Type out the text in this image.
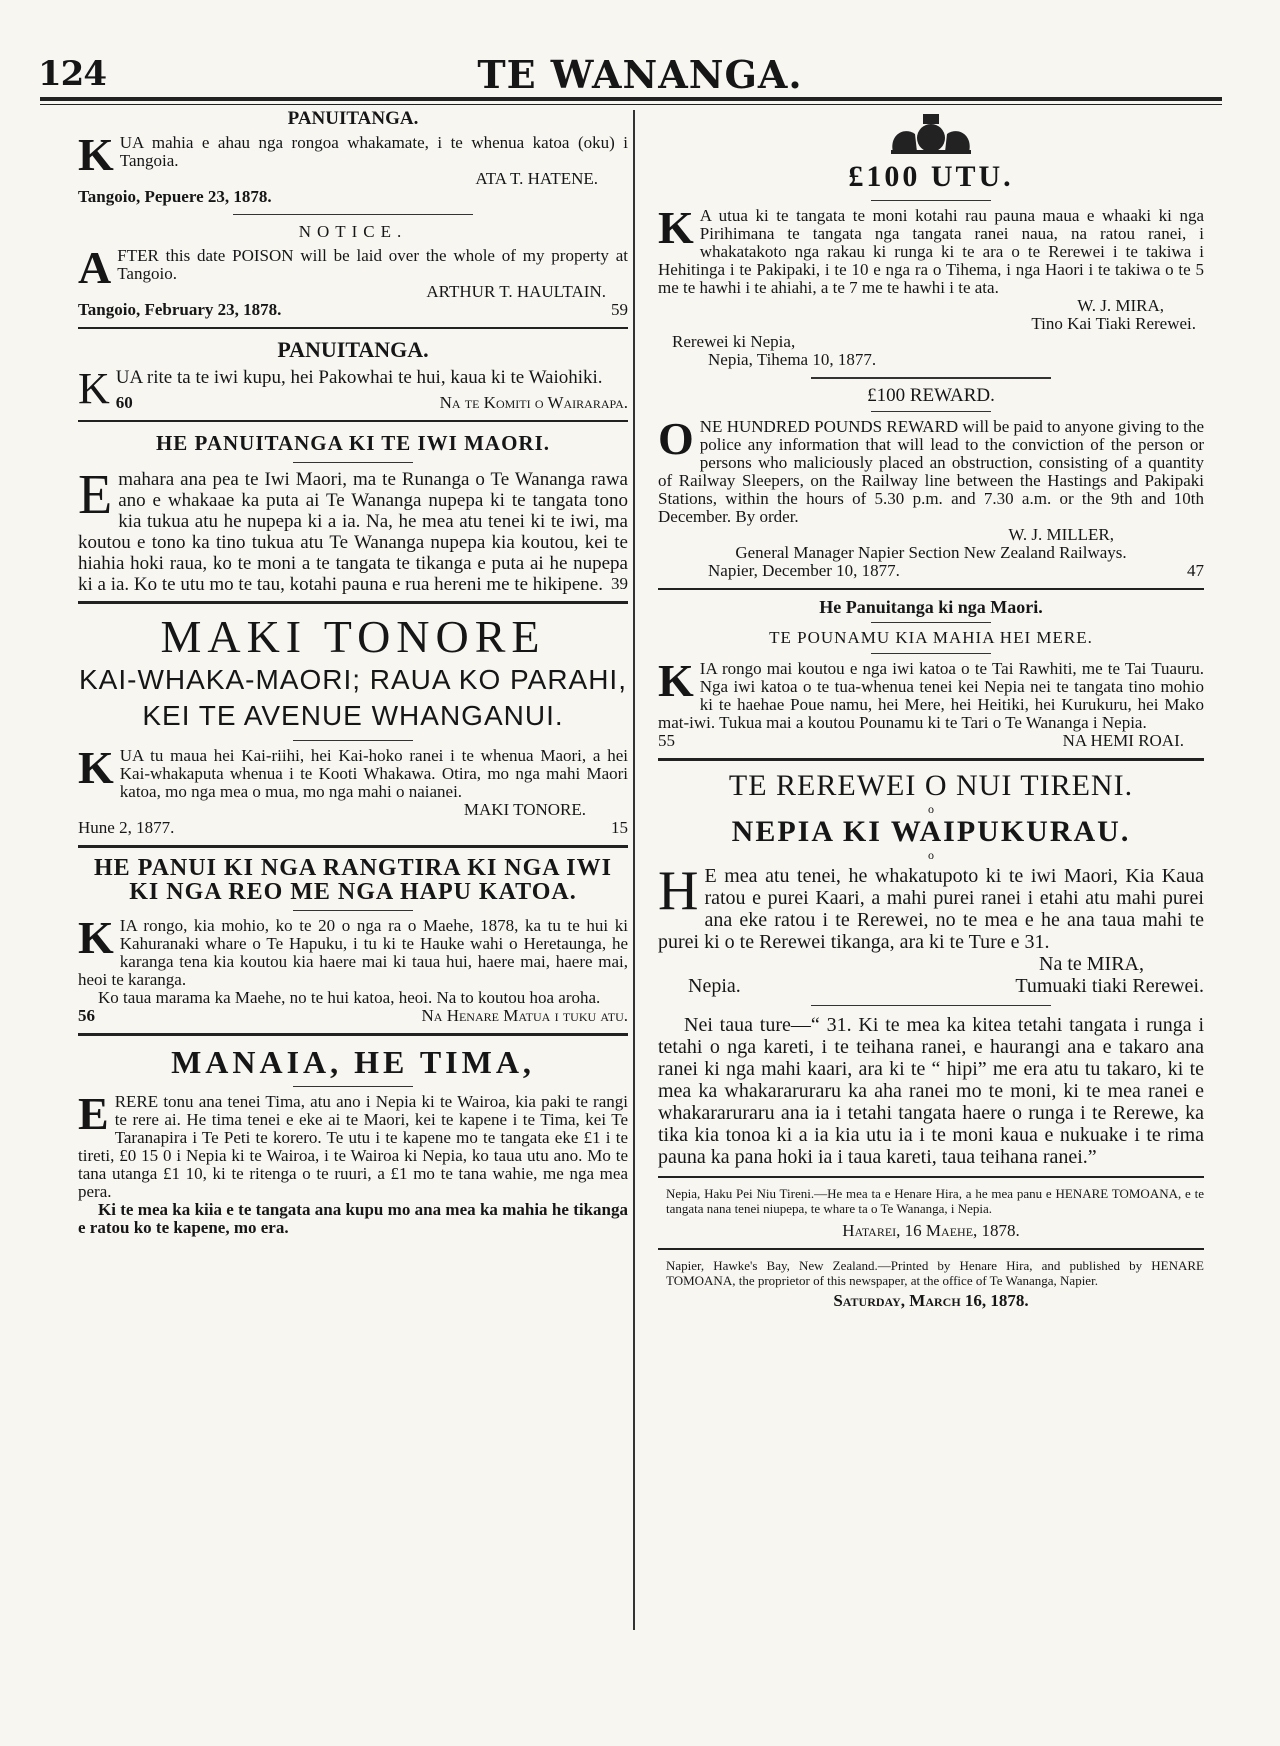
124	TE WANANGA.
PANUITANGA.

KUA mahia e ahau nga rongoa whakamate, i te whenua katoa (oku) i Tangoia.

ATA T. HATENE.
Tangoio, Pepuere 23, 1878.
NOTICE.

AFTER this date POISON will be laid over the whole of my property at Tangoio.

ARTHUR T. HAULTAIN.
Tangoio, February 23, 1878.	59
PANUITANGA.

KUA rite ta te iwi kupu, hei Pakowhai te hui, kaua ki te Waiohiki.

60	Na te Komiti o Wairarapa.
HE PANUITANGA KI TE IWI MAORI.

Emahara ana pea te Iwi Maori, ma te Runanga o Te Wananga rawa ano e whakaae ka puta ai Te Wananga nupepa ki te tangata tono kia tukua atu he nupepa ki a ia. Na, he mea atu tenei ki te iwi, ma koutou e tono ka tino tukua atu Te Wananga nupepa kia koutou, kei te hiahia hoki raua, ko te moni a te tangata te tikanga e puta ai he nupepa ki a ia. Ko te utu mo te tau, kotahi pauna e rua hereni me te hikipene. 39
MAKI TONORE
KAI-WHAKA-MAORI; RAUA KO PARAHI,
KEI TE AVENUE WHANGANUI.

KUA tu maua hei Kai-riihi, hei Kai-hoko ranei i te whenua Maori, a hei Kai-whakaputa whenua i te Kooti Whakawa. Otira, mo nga mahi Maori katoa, mo nga mea o mua, mo nga mahi o naianei.

MAKI TONORE.
Hune 2, 1877.	15
HE PANUI KI NGA RANGTIRA KI NGA IWI KI NGA REO ME NGA HAPU KATOA.

KIA rongo, kia mohio, ko te 20 o nga ra o Maehe, 1878, ka tu te hui ki Kahuranaki whare o Te Hapuku, i tu ki te Hauke wahi o Heretaunga, he karanga tena kia koutou kia haere mai ki taua hui, haere mai, haere mai, heoi te karanga.

Ko taua marama ka Maehe, no te hui katoa, heoi. Na to koutou hoa aroha.

56	Na Henare Matua i tuku atu.
MANAIA, HE TIMA,

ERERE tonu ana tenei Tima, atu ano i Nepia ki te Wairoa, kia paki te rangi te rere ai. He tima tenei e eke ai te Maori, kei te kapene i te Tima, kei Te Taranapira i Te Peti te korero. Te utu i te kapene mo te tangata eke £1 i te tireti, £0 15 0 i Nepia ki te Wairoa, i te Wairoa ki Nepia, ko taua utu ano. Mo te tana utanga £1 10, ki te ritenga o te ruuri, a £1 mo te tana wahie, me nga mea pera.

Ki te mea ka kiia e te tangata ana kupu mo ana mea ka mahia he tikanga e ratou ko te kapene, mo era.

£100 UTU.

K A utua ki te tangata te moni kotahi rau pauna maua e whaaki ki nga Pirihimana te tangata nga tangata ranei naua, na ratou ranei, i whakatakoto nga rakau ki runga ki te ara o te Rerewei i te takiwa i Hehitinga i te Pakipaki, i te 10 e nga ra o Tihema, i nga Haori i te takiwa o te 5 me te hawhi i te ahiahi, a te 7 me te hawhi i te ata.

W. J. MIRA,
Tino Kai Tiaki Rerewei.
Rerewei ki Nepia,
Nepia, Tihema 10, 1877.
£100 REWARD.

ONE HUNDRED POUNDS REWARD will be paid to anyone giving to the police any information that will lead to the conviction of the person or persons who maliciously placed an obstruction, consisting of a quantity of Railway Sleepers, on the Railway line between the Hastings and Pakipaki Stations, within the hours of 5.30 p.m. and 7.30 a.m. or the 9th and 10th December. By order.

W. J. MILLER,
General Manager Napier Section New Zealand Railways.
Napier, December 10, 1877.	47
He Panuitanga ki nga Maori.
TE POUNAMU KIA MAHIA HEI MERE.

KIA rongo mai koutou e nga iwi katoa o te Tai Rawhiti, me te Tai Tuauru. Nga iwi katoa o te tua-whenua tenei kei Nepia nei te tangata tino mohio ki te haehae Poue namu, hei Mere, hei Heitiki, hei Kurukuru, hei Mako mat-iwi. Tukua mai a koutou Pounamu ki te Tari o Te Wananga i Nepia.

55	NA HEMI ROAI.
TE REREWEI O NUI TIRENI.
o
NEPIA KI WAIPUKURAU.
o

H E mea atu tenei, he whakatupoto ki te iwi Maori, Kia Kaua ratou e purei Kaari, a mahi purei ranei i etahi atu mahi purei ana eke ratou i te Rerewei, no te mea e he ana taua mahi te purei ki o te Rerewei tikanga, ara ki te Ture e 31.

Na te MIRA,
Nepia.	Tumuaki tiaki Rerewei.

Nei taua ture—“ 31. Ki te mea ka kitea tetahi tangata i runga i tetahi o nga kareti, i te teihana ranei, e haurangi ana e takaro ana ranei ki nga mahi kaari, ara ki te “ hipi” me era atu tu takaro, ki te mea ka whakararuraru ka aha ranei mo te moni, ki te mea ranei e whakararuraru ana ia i tetahi tangata haere o runga i te Rerewe, ka tika kia tonoa ki a ia kia utu ia i te moni kaua e nukuake i te rima pauna ka pana hoki ia i taua kareti, taua teihana ranei.”

Nepia, Haku Pei Niu Tireni.—He mea ta e Henare Hira, a he mea panu e HENARE TOMOANA, e te tangata nana tenei niupepa, te whare ta o Te Wananga, i Nepia.

Hatarei, 16 Maehe, 1878.

Napier, Hawke's Bay, New Zealand.—Printed by Henare Hira, and published by HENARE TOMOANA, the proprietor of this newspaper, at the office of Te Wananga, Napier.

Saturday, March 16, 1878.
